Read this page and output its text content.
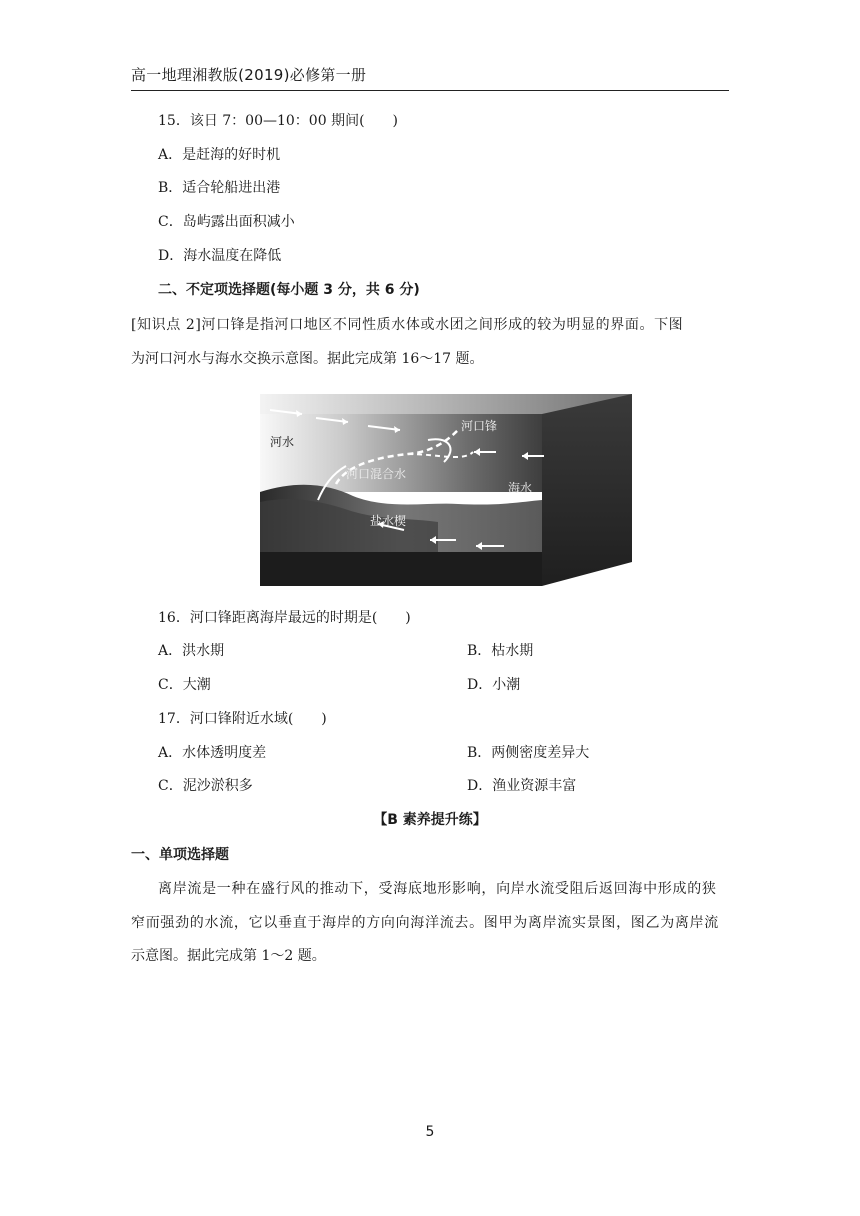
高一地理湘教版(2019)必修第一册
15．该日 7：00—10：00 期间(　　)
A．是赶海的好时机
B．适合轮船进出港
C．岛屿露出面积减小
D．海水温度在降低
二、不定项选择题(每小题 3 分，共 6 分)
[知识点 2]河口锋是指河口地区不同性质水体或水团之间形成的较为明显的界面。下图
为河口河水与海水交换示意图。据此完成第 16～17 题。
河水
河口锋
河口混合水
海水
盐水楔
16．河口锋距离海岸最远的时期是(　　)
A．洪水期	B．枯水期
C．大潮	D．小潮
17．河口锋附近水域(　　)
A．水体透明度差	B．两侧密度差异大
C．泥沙淤积多	D．渔业资源丰富
【B 素养提升练】
一、单项选择题
离岸流是一种在盛行风的推动下，受海底地形影响，向岸水流受阻后返回海中形成的狭
窄而强劲的水流，它以垂直于海岸的方向向海洋流去。图甲为离岸流实景图，图乙为离岸流
示意图。据此完成第 1～2 题。
5
